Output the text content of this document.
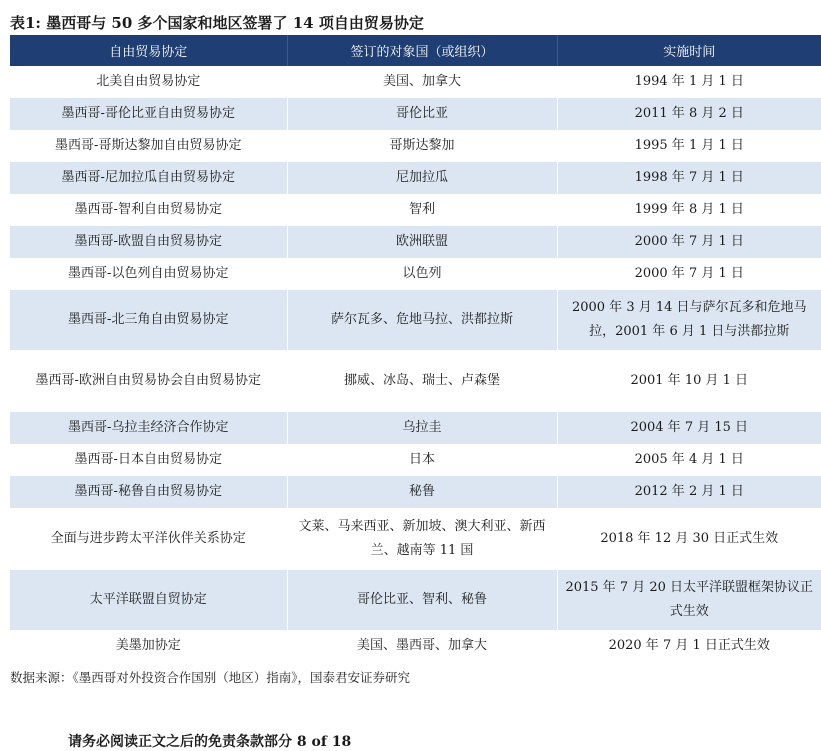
表1: 墨西哥与 50 多个国家和地区签署了 14 项自由贸易协定
自由贸易协定	签订的对象国（或组织）	实施时间
北美自由贸易协定	美国、加拿大	1994 年 1 月 1 日
墨西哥-哥伦比亚自由贸易协定	哥伦比亚	2011 年 8 月 2 日
墨西哥-哥斯达黎加自由贸易协定	哥斯达黎加	1995 年 1 月 1 日
墨西哥-尼加拉瓜自由贸易协定	尼加拉瓜	1998 年 7 月 1 日
墨西哥-智利自由贸易协定	智利	1999 年 8 月 1 日
墨西哥-欧盟自由贸易协定	欧洲联盟	2000 年 7 月 1 日
墨西哥-以色列自由贸易协定	以色列	2000 年 7 月 1 日
墨西哥-北三角自由贸易协定	萨尔瓦多、危地马拉、洪都拉斯	2000 年 3 月 14 日与萨尔瓦多和危地马拉，2001 年 6 月 1 日与洪都拉斯
墨西哥-欧洲自由贸易协会自由贸易协定	挪威、冰岛、瑞士、卢森堡	2001 年 10 月 1 日
墨西哥-乌拉圭经济合作协定	乌拉圭	2004 年 7 月 15 日
墨西哥-日本自由贸易协定	日本	2005 年 4 月 1 日
墨西哥-秘鲁自由贸易协定	秘鲁	2012 年 2 月 1 日
全面与进步跨太平洋伙伴关系协定	文莱、马来西亚、新加坡、澳大利亚、新西兰、越南等 11 国	2018 年 12 月 30 日正式生效
太平洋联盟自贸协定	哥伦比亚、智利、秘鲁	2015 年 7 月 20 日太平洋联盟框架协议正式生效
美墨加协定	美国、墨西哥、加拿大	2020 年 7 月 1 日正式生效
数据来源：《墨西哥对外投资合作国别（地区）指南》，国泰君安证券研究
请务必阅读正文之后的免责条款部分 8 of 18
